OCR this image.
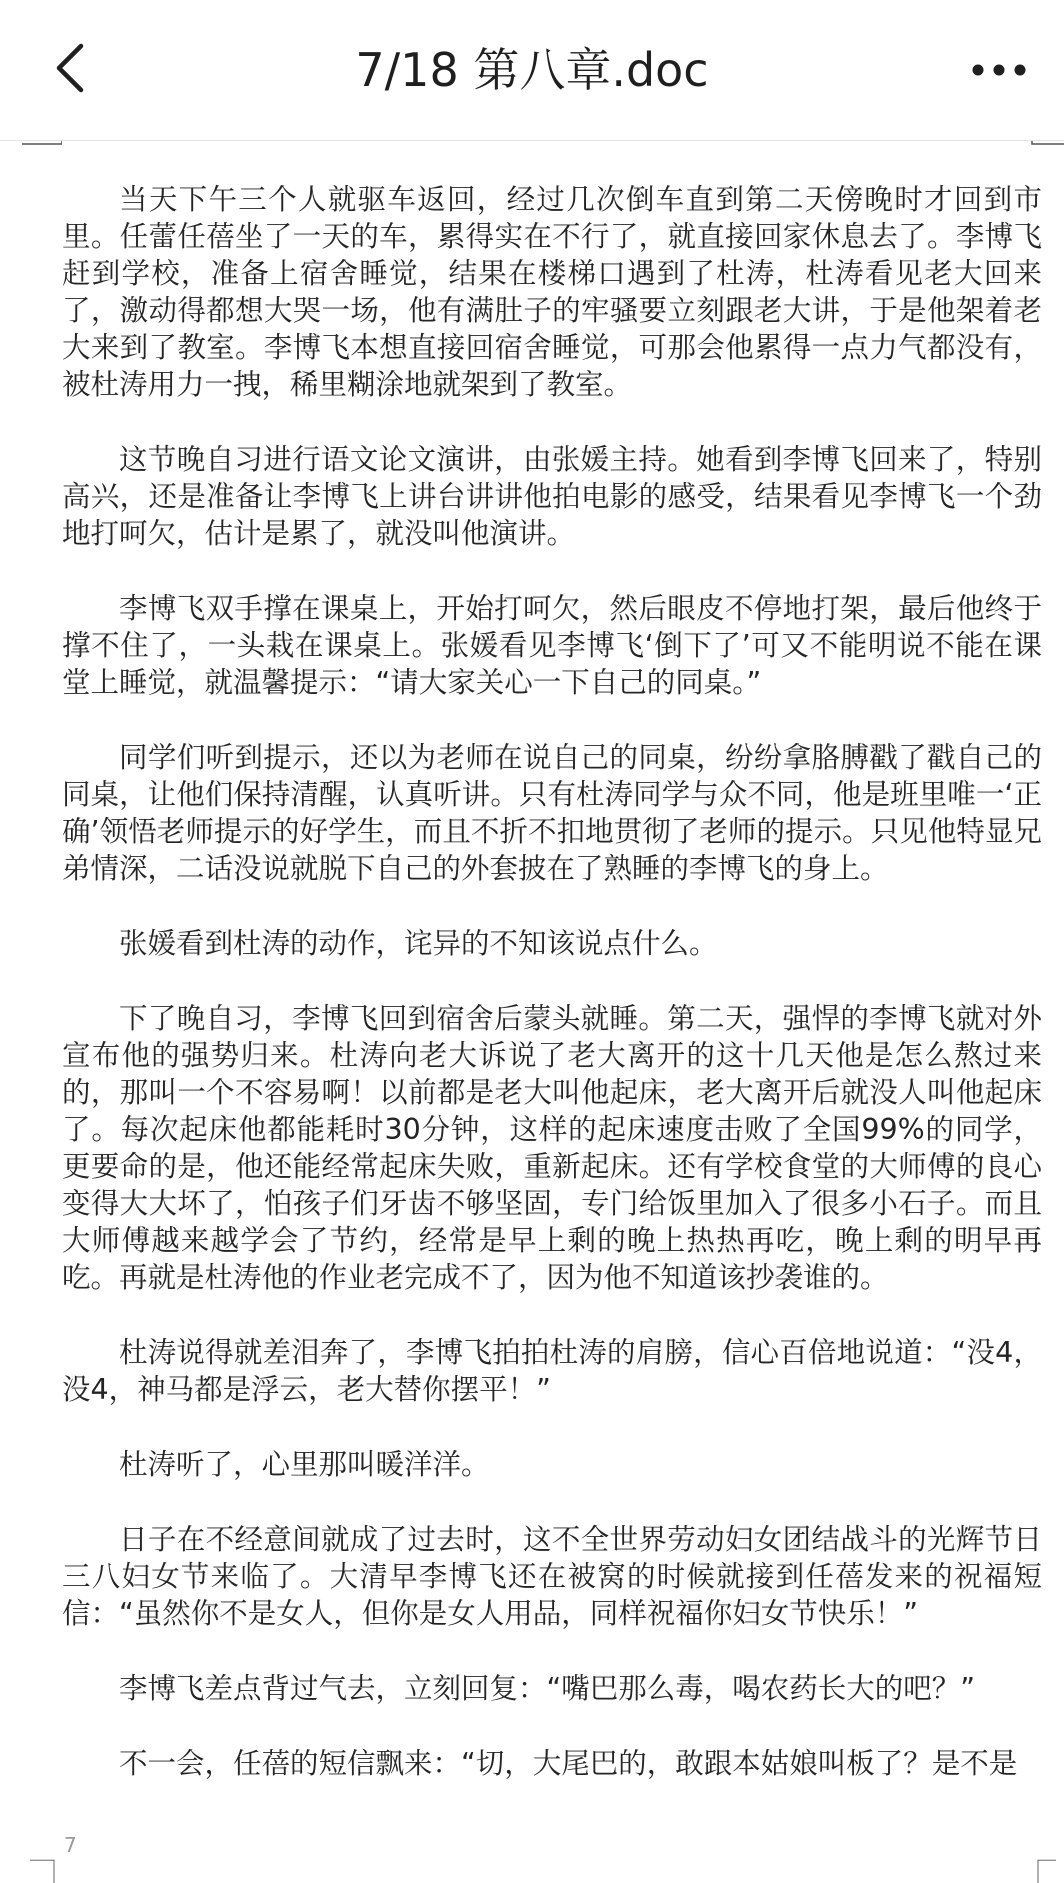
7/18 第八章.doc

当天下午三个人就驱车返回，经过几次倒车直到第二天傍晚时才回到市里。任蕾任蓓坐了一天的车，累得实在不行了，就直接回家休息去了。李博飞赶到学校，准备上宿舍睡觉，结果在楼梯口遇到了杜涛，杜涛看见老大回来了，激动得都想大哭一场，他有满肚子的牢骚要立刻跟老大讲，于是他架着老大来到了教室。李博飞本想直接回宿舍睡觉，可那会他累得一点力气都没有，被杜涛用力一拽，稀里糊涂地就架到了教室。

这节晚自习进行语文论文演讲，由张媛主持。她看到李博飞回来了，特别高兴，还是准备让李博飞上讲台讲讲他拍电影的感受，结果看见李博飞一个劲地打呵欠，估计是累了，就没叫他演讲。

李博飞双手撑在课桌上，开始打呵欠，然后眼皮不停地打架，最后他终于撑不住了，一头栽在课桌上。张媛看见李博飞‘倒下了’可又不能明说不能在课堂上睡觉，就温馨提示：“请大家关心一下自己的同桌。”

同学们听到提示，还以为老师在说自己的同桌，纷纷拿胳膊戳了戳自己的同桌，让他们保持清醒，认真听讲。只有杜涛同学与众不同，他是班里唯一‘正确’领悟老师提示的好学生，而且不折不扣地贯彻了老师的提示。只见他特显兄弟情深，二话没说就脱下自己的外套披在了熟睡的李博飞的身上。

张媛看到杜涛的动作，诧异的不知该说点什么。

下了晚自习，李博飞回到宿舍后蒙头就睡。第二天，强悍的李博飞就对外宣布他的强势归来。杜涛向老大诉说了老大离开的这十几天他是怎么熬过来的，那叫一个不容易啊！以前都是老大叫他起床，老大离开后就没人叫他起床了。每次起床他都能耗时30分钟，这样的起床速度击败了全国99%的同学，更要命的是，他还能经常起床失败，重新起床。还有学校食堂的大师傅的良心变得大大坏了，怕孩子们牙齿不够坚固，专门给饭里加入了很多小石子。而且大师傅越来越学会了节约，经常是早上剩的晚上热热再吃，晚上剩的明早再吃。再就是杜涛他的作业老完成不了，因为他不知道该抄袭谁的。

杜涛说得就差泪奔了，李博飞拍拍杜涛的肩膀，信心百倍地说道：“没4，没4，神马都是浮云，老大替你摆平！”

杜涛听了，心里那叫暖洋洋。

日子在不经意间就成了过去时，这不全世界劳动妇女团结战斗的光辉节日三八妇女节来临了。大清早李博飞还在被窝的时候就接到任蓓发来的祝福短信：“虽然你不是女人，但你是女人用品，同样祝福你妇女节快乐！”

李博飞差点背过气去，立刻回复：“嘴巴那么毒，喝农药长大的吧？”

不一会，任蓓的短信飘来：“切，大尾巴的，敢跟本姑娘叫板了？是不是

7
